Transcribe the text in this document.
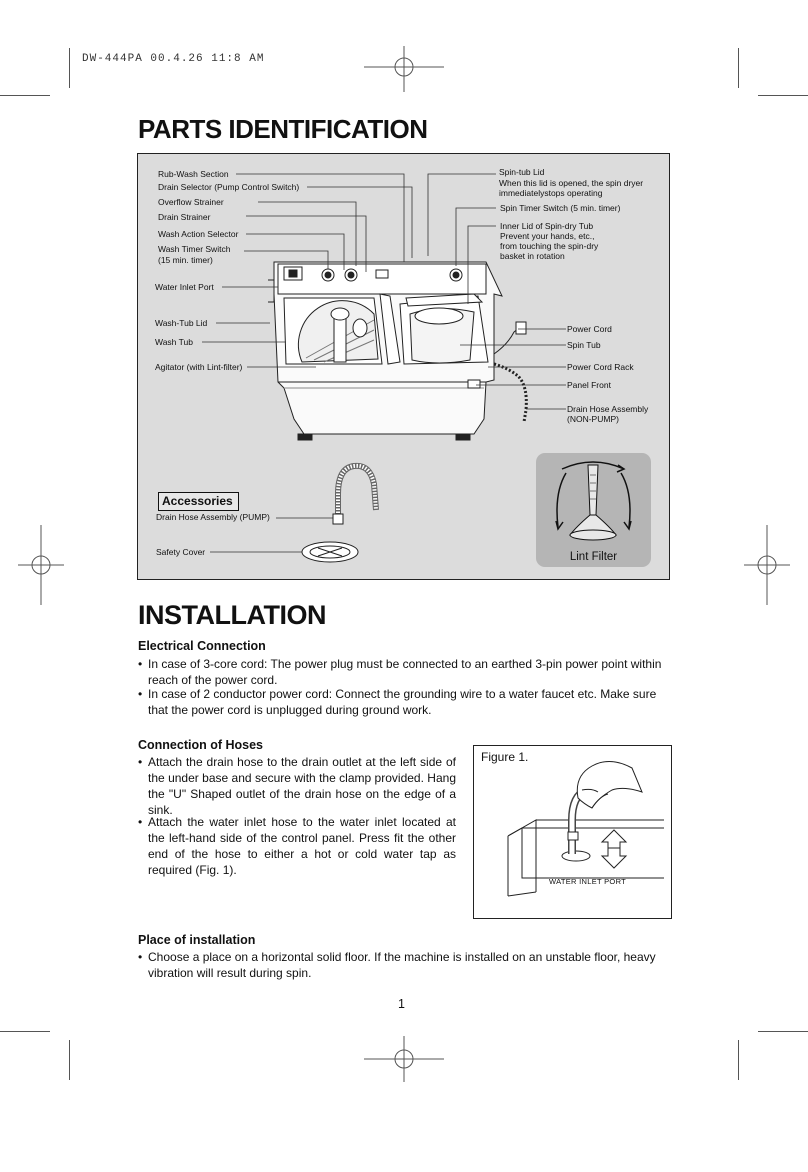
DW-444PA 00.4.26 11:8 AM
PARTS IDENTIFICATION
Rub-Wash Section
Drain Selector (Pump Control Switch)
Overflow Strainer
Drain Strainer
Wash Action Selector
Wash Timer Switch
(15 min. timer)
Water Inlet Port
Wash-Tub Lid
Wash Tub
Agitator (with Lint-filter)
Spin-tub Lid
When this lid is opened, the spin dryer
immediatelystops operating
Spin Timer Switch (5 min. timer)
Inner Lid of Spin-dry Tub
Prevent your hands, etc.,
from touching the spin-dry
basket in rotation
Power Cord
Spin Tub
Power Cord Rack
Panel Front
Drain Hose Assembly
(NON-PUMP)
Accessories
Drain Hose Assembly (PUMP)
Safety Cover	Lint Filter
INSTALLATION
Electrical Connection
• In case of 3-core cord: The power plug must be connected to an earthed 3-pin power point within reach of the power cord.
• In case of 2 conductor power cord: Connect the grounding wire to a water faucet etc. Make sure that the power cord is unplugged during ground work.
Connection of Hoses
• Attach the drain hose to the drain outlet at the left side of the under base and secure with the clamp provided. Hang the "U" Shaped outlet of the drain hose on the edge of a sink.
• Attach the water inlet hose to the water inlet located at the left-hand side of the control panel. Press fit the other end of the hose to either a hot or cold water tap as required (Fig. 1).
Figure 1.
WATER INLET PORT
Place of installation
• Choose a place on a horizontal solid floor. If the machine is installed on an unstable floor, heavy vibration will result during spin.
1
